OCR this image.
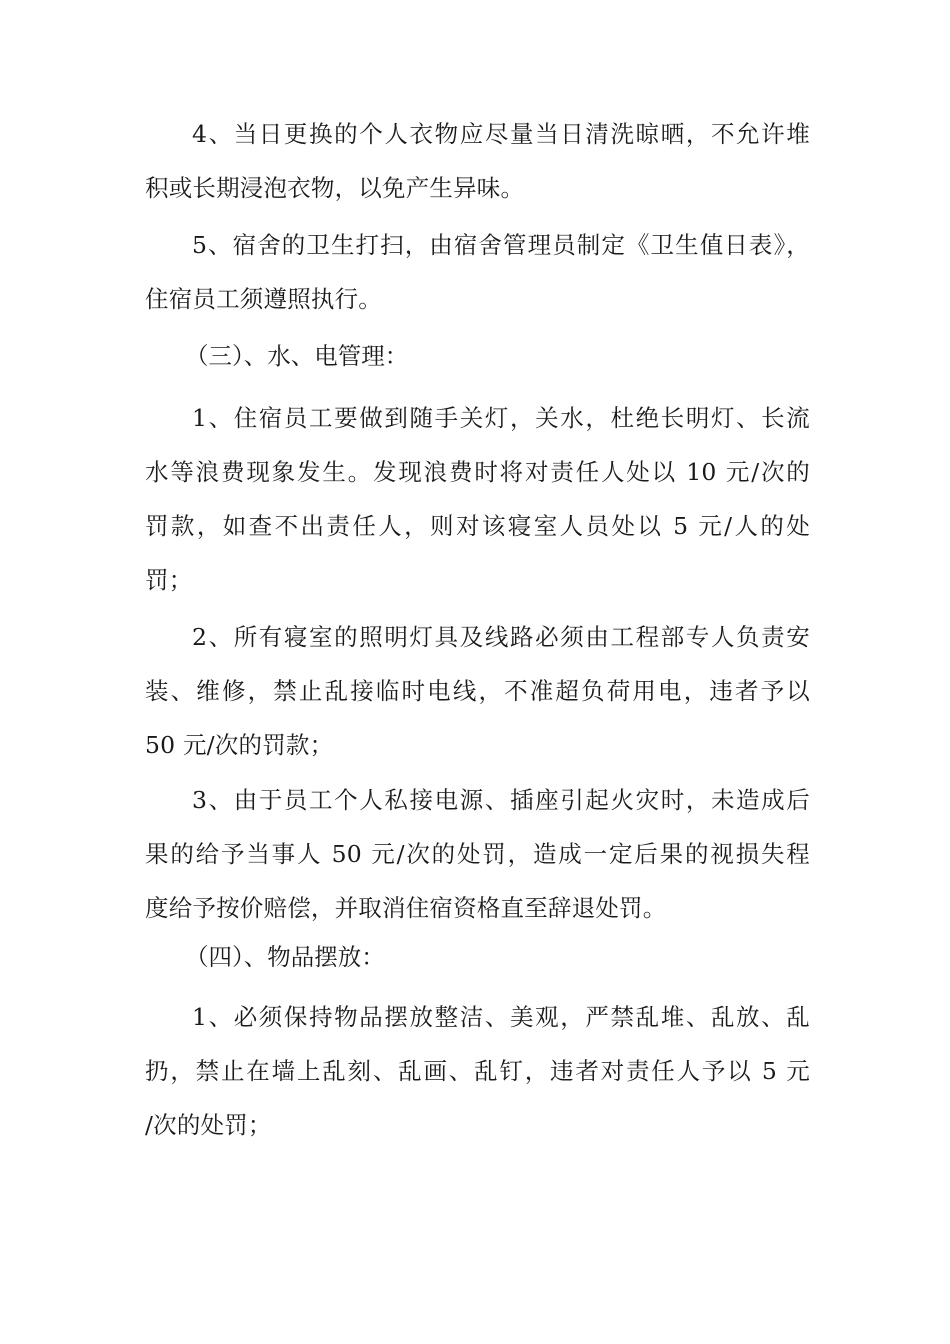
4、当日更换的个人衣物应尽量当日清洗晾晒，不允许堆
积或长期浸泡衣物，以免产生异味。

5、宿舍的卫生打扫，由宿舍管理员制定《卫生值日表》，
住宿员工须遵照执行。

（三）、水、电管理：

1、住宿员工要做到随手关灯，关水，杜绝长明灯、长流
水等浪费现象发生。发现浪费时将对责任人处以 10 元/次的
罚款，如查不出责任人，则对该寝室人员处以 5 元/人的处
罚；

2、所有寝室的照明灯具及线路必须由工程部专人负责安
装、维修，禁止乱接临时电线，不准超负荷用电，违者予以
50 元/次的罚款；

3、由于员工个人私接电源、插座引起火灾时，未造成后
果的给予当事人 50 元/次的处罚，造成一定后果的视损失程
度给予按价赔偿，并取消住宿资格直至辞退处罚。

（四）、物品摆放：

1、必须保持物品摆放整洁、美观，严禁乱堆、乱放、乱
扔，禁止在墙上乱刻、乱画、乱钉，违者对责任人予以 5 元
/次的处罚；
